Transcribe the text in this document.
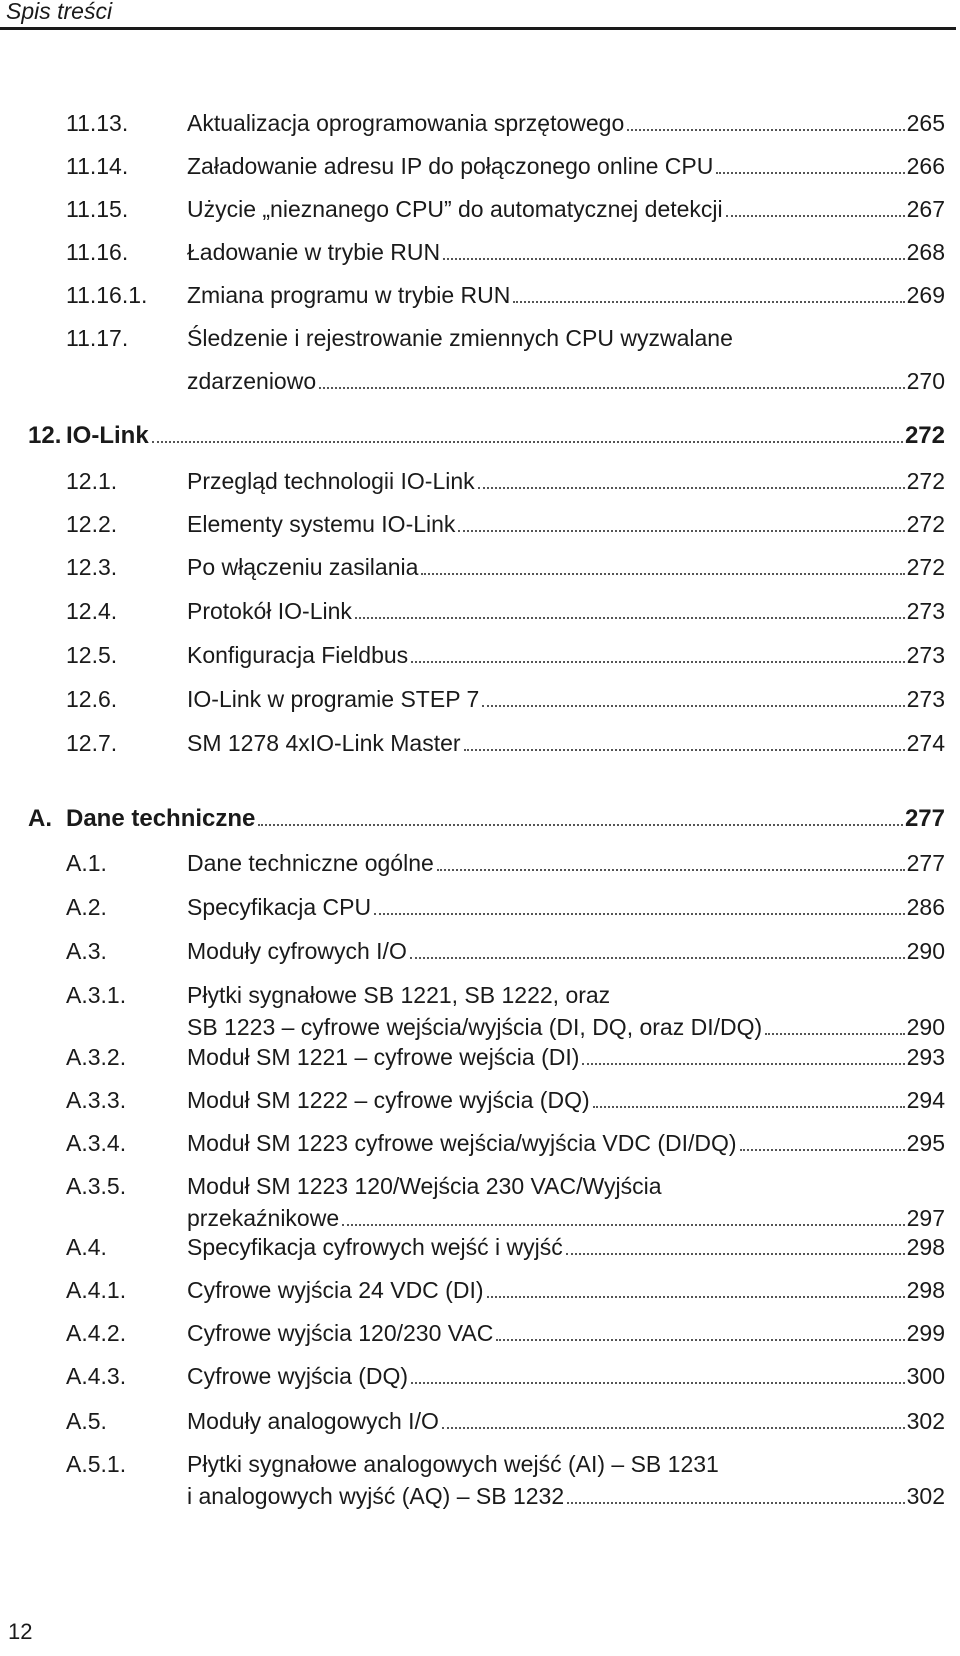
Spis treści
11.13.	Aktualizacja oprogramowania sprzętowego	265
11.14.	Załadowanie adresu IP do połączonego online CPU	266
11.15.	Użycie „nieznanego CPU” do automatycznej detekcji	267
11.16.	Ładowanie w trybie RUN	268
11.16.1. Zmiana programu w trybie RUN	269
11.17.	Śledzenie i rejestrowanie zmiennych CPU wyzwalane
zdarzeniowo	270
12. IO-Link	272
12.1.	Przegląd technologii IO-Link	272
12.2.	Elementy systemu IO-Link	272
12.3.	Po włączeniu zasilania	272
12.4.	Protokół IO-Link	273
12.5.	Konfiguracja Fieldbus	273
12.6.	IO-Link w programie STEP 7	273
12.7.	SM 1278 4xIO-Link Master	274
A. Dane techniczne	277
A.1.	Dane techniczne ogólne	277
A.2.	Specyfikacja CPU	286
A.3.	Moduły cyfrowych I/O	290
A.3.1.	Płytki sygnałowe SB 1221, SB 1222, oraz
SB 1223 – cyfrowe wejścia/wyjścia (DI, DQ, oraz DI/DQ)	290
A.3.2.	Moduł SM 1221 – cyfrowe wejścia (DI)	293
A.3.3.	Moduł SM 1222 – cyfrowe wyjścia (DQ)	294
A.3.4.	Moduł SM 1223 cyfrowe wejścia/wyjścia VDC (DI/DQ)	295
A.3.5.	Moduł SM 1223 120/Wejścia 230 VAC/Wyjścia
przekaźnikowe	297
A.4.	Specyfikacja cyfrowych wejść i wyjść	298
A.4.1.	Cyfrowe wyjścia 24 VDC (DI)	298
A.4.2.	Cyfrowe wyjścia 120/230 VAC	299
A.4.3.	Cyfrowe wyjścia (DQ)	300
A.5.	Moduły analogowych I/O	302
A.5.1.	Płytki sygnałowe analogowych wejść (AI) – SB 1231
i analogowych wyjść (AQ) – SB 1232	302
12
